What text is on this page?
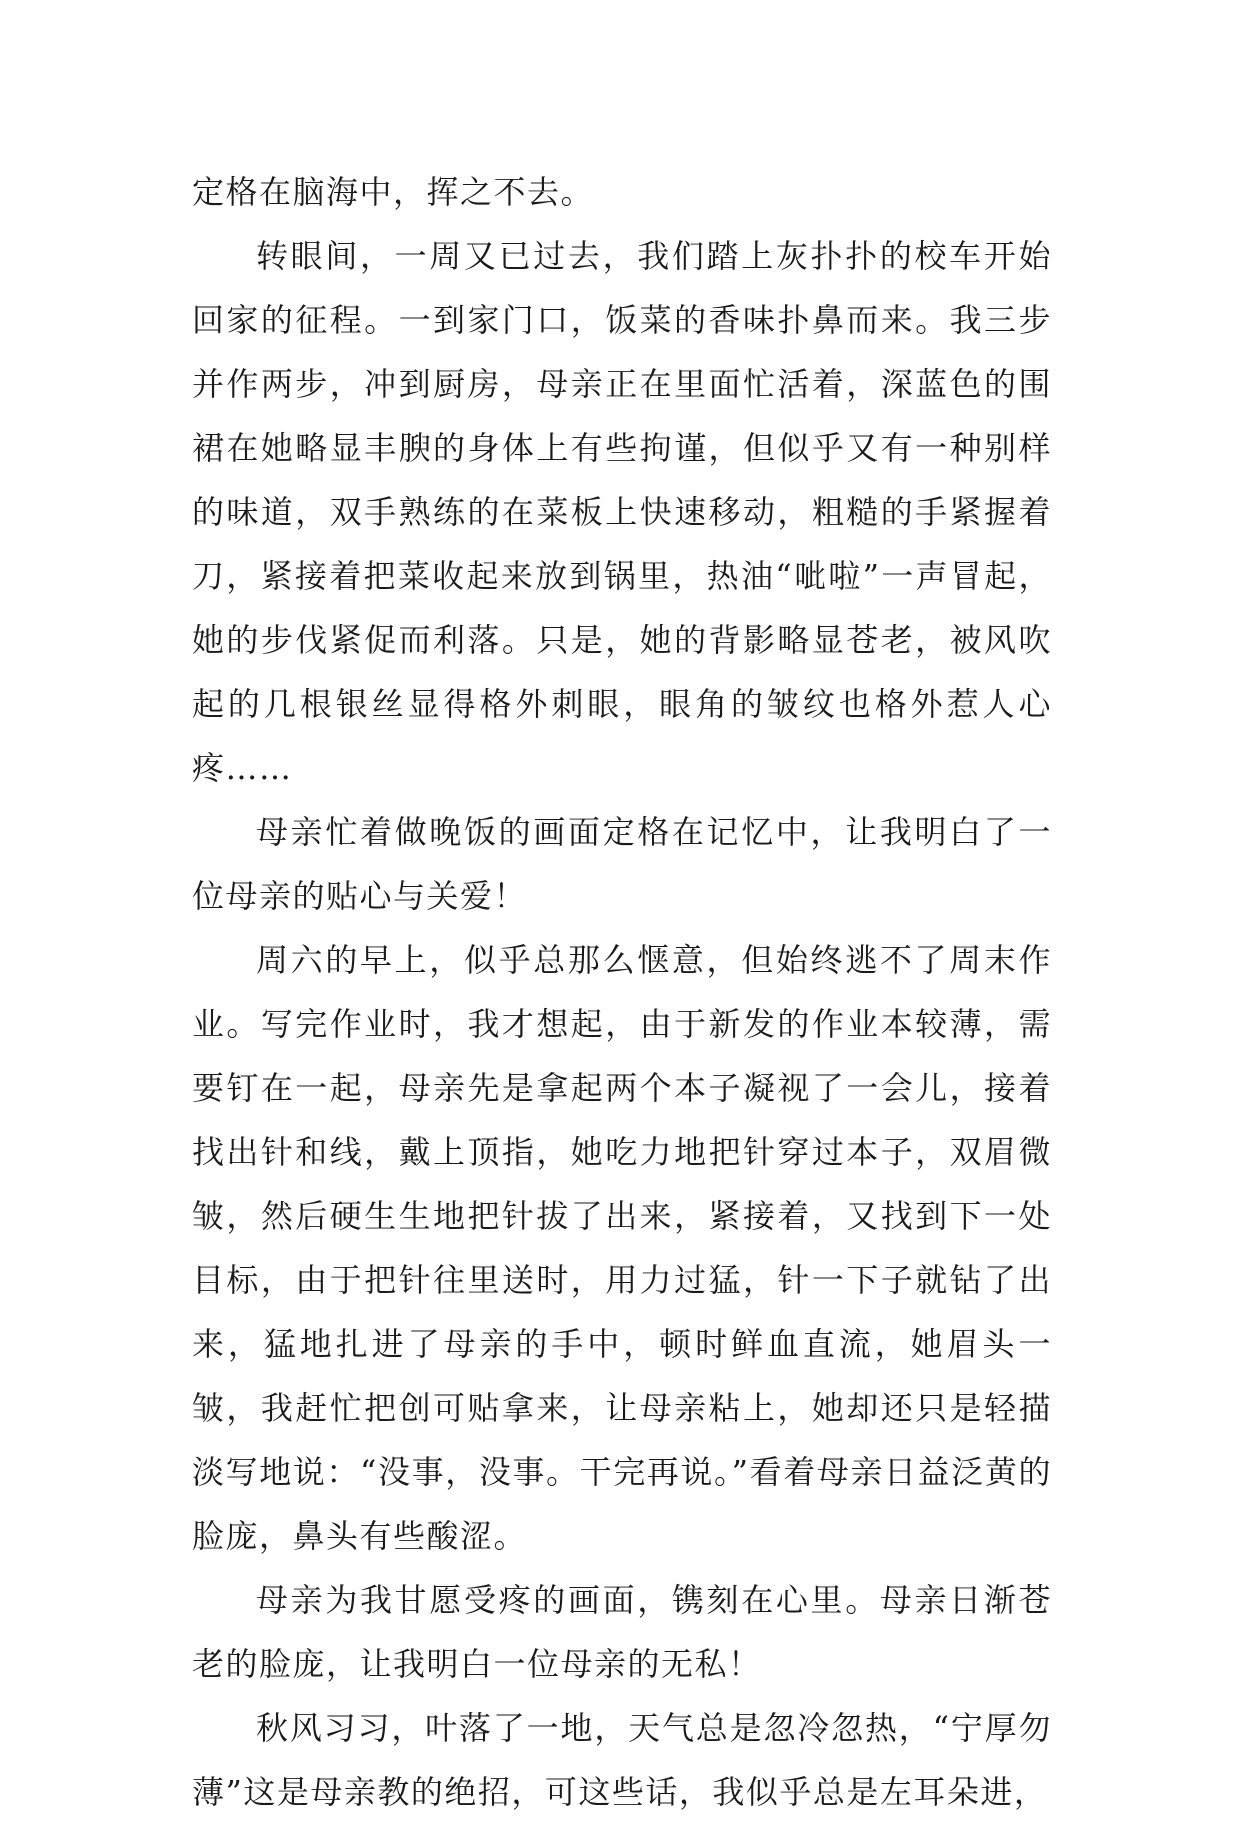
定格在脑海中，挥之不去。

转眼间，一周又已过去，我们踏上灰扑扑的校车开始回家的征程。一到家门口，饭菜的香味扑鼻而来。我三步并作两步，冲到厨房，母亲正在里面忙活着，深蓝色的围裙在她略显丰腴的身体上有些拘谨，但似乎又有一种别样的味道，双手熟练的在菜板上快速移动，粗糙的手紧握着刀，紧接着把菜收起来放到锅里，热油“呲啦”一声冒起，她的步伐紧促而利落。只是，她的背影略显苍老，被风吹起的几根银丝显得格外刺眼，眼角的皱纹也格外惹人心疼……

母亲忙着做晚饭的画面定格在记忆中，让我明白了一位母亲的贴心与关爱！

周六的早上，似乎总那么惬意，但始终逃不了周末作业。写完作业时，我才想起，由于新发的作业本较薄，需要钉在一起，母亲先是拿起两个本子凝视了一会儿，接着找出针和线，戴上顶指，她吃力地把针穿过本子，双眉微皱，然后硬生生地把针拔了出来，紧接着，又找到下一处目标，由于把针往里送时，用力过猛，针一下子就钻了出来，猛地扎进了母亲的手中，顿时鲜血直流，她眉头一皱，我赶忙把创可贴拿来，让母亲粘上，她却还只是轻描淡写地说：“没事，没事。干完再说。”看着母亲日益泛黄的脸庞，鼻头有些酸涩。

母亲为我甘愿受疼的画面，镌刻在心里。母亲日渐苍老的脸庞，让我明白一位母亲的无私！

秋风习习，叶落了一地，天气总是忽冷忽热，“宁厚勿薄”这是母亲教的绝招，可这些话，我似乎总是左耳朵进，
